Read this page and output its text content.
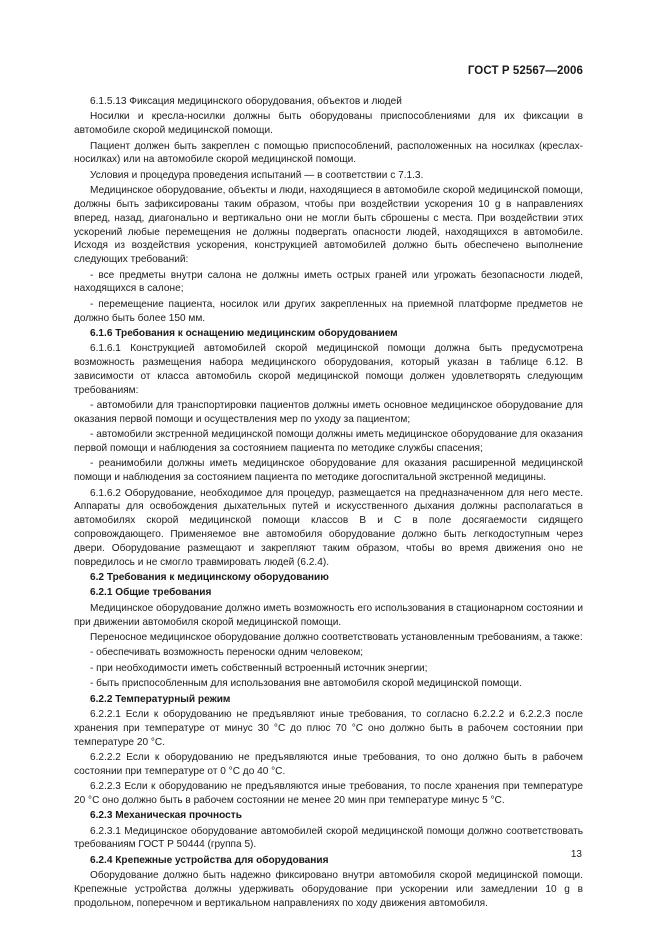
ГОСТ Р 52567—2006
6.1.5.13 Фиксация медицинского оборудования, объектов и людей
Носилки и кресла-носилки должны быть оборудованы приспособлениями для их фиксации в автомобиле скорой медицинской помощи.
Пациент должен быть закреплен с помощью приспособлений, расположенных на носилках (креслах-носилках) или на автомобиле скорой медицинской помощи.
Условия и процедура проведения испытаний — в соответствии с 7.1.3.
Медицинское оборудование, объекты и люди, находящиеся в автомобиле скорой медицинской помощи, должны быть зафиксированы таким образом, чтобы при воздействии ускорения 10 g в направлениях вперед, назад, диагонально и вертикально они не могли быть сброшены с места. При воздействии этих ускорений любые перемещения не должны подвергать опасности людей, находящихся в автомобиле. Исходя из воздействия ускорения, конструкцией автомобилей должно быть обеспечено выполнение следующих требований:
- все предметы внутри салона не должны иметь острых граней или угрожать безопасности людей, находящихся в салоне;
- перемещение пациента, носилок или других закрепленных на приемной платформе предметов не должно быть более 150 мм.
6.1.6 Требования к оснащению медицинским оборудованием
6.1.6.1 Конструкцией автомобилей скорой медицинской помощи должна быть предусмотрена возможность размещения набора медицинского оборудования, который указан в таблице 6.12. В зависимости от класса автомобиль скорой медицинской помощи должен удовлетворять следующим требованиям:
- автомобили для транспортировки пациентов должны иметь основное медицинское оборудование для оказания первой помощи и осуществления мер по уходу за пациентом;
- автомобили экстренной медицинской помощи должны иметь медицинское оборудование для оказания первой помощи и наблюдения за состоянием пациента по методике службы спасения;
- реанимобили должны иметь медицинское оборудование для оказания расширенной медицинской помощи и наблюдения за состоянием пациента по методике догоспитальной экстренной медицины.
6.1.6.2 Оборудование, необходимое для процедур, размещается на предназначенном для него месте. Аппараты для освобождения дыхательных путей и искусственного дыхания должны располагаться в автомобилях скорой медицинской помощи классов В и С в поле досягаемости сидящего сопровождающего. Применяемое вне автомобиля оборудование должно быть легкодоступным через двери. Оборудование размещают и закрепляют таким образом, чтобы во время движения оно не повредилось и не смогло травмировать людей (6.2.4).
6.2 Требования к медицинскому оборудованию
6.2.1 Общие требования
Медицинское оборудование должно иметь возможность его использования в стационарном состоянии и при движении автомобиля скорой медицинской помощи.
Переносное медицинское оборудование должно соответствовать установленным требованиям, а также:
- обеспечивать возможность переноски одним человеком;
- при необходимости иметь собственный встроенный источник энергии;
- быть приспособленным для использования вне автомобиля скорой медицинской помощи.
6.2.2 Температурный режим
6.2.2.1 Если к оборудованию не предъявляют иные требования, то согласно 6.2.2.2 и 6.2.2.3 после хранения при температуре от минус 30 °С до плюс 70 °С оно должно быть в рабочем состоянии при температуре 20 °С.
6.2.2.2 Если к оборудованию не предъявляются иные требования, то оно должно быть в рабочем состоянии при температуре от 0 °С до 40 °С.
6.2.2.3 Если к оборудованию не предъявляются иные требования, то после хранения при температуре 20 °С оно должно быть в рабочем состоянии не менее 20 мин при температуре минус 5 °С.
6.2.3 Механическая прочность
6.2.3.1 Медицинское оборудование автомобилей скорой медицинской помощи должно соответствовать требованиям ГОСТ Р 50444 (группа 5).
6.2.4 Крепежные устройства для оборудования
Оборудование должно быть надежно фиксировано внутри автомобиля скорой медицинской помощи. Крепежные устройства должны удерживать оборудование при ускорении или замедлении 10 g в продольном, поперечном и вертикальном направлениях по ходу движения автомобиля.
13
